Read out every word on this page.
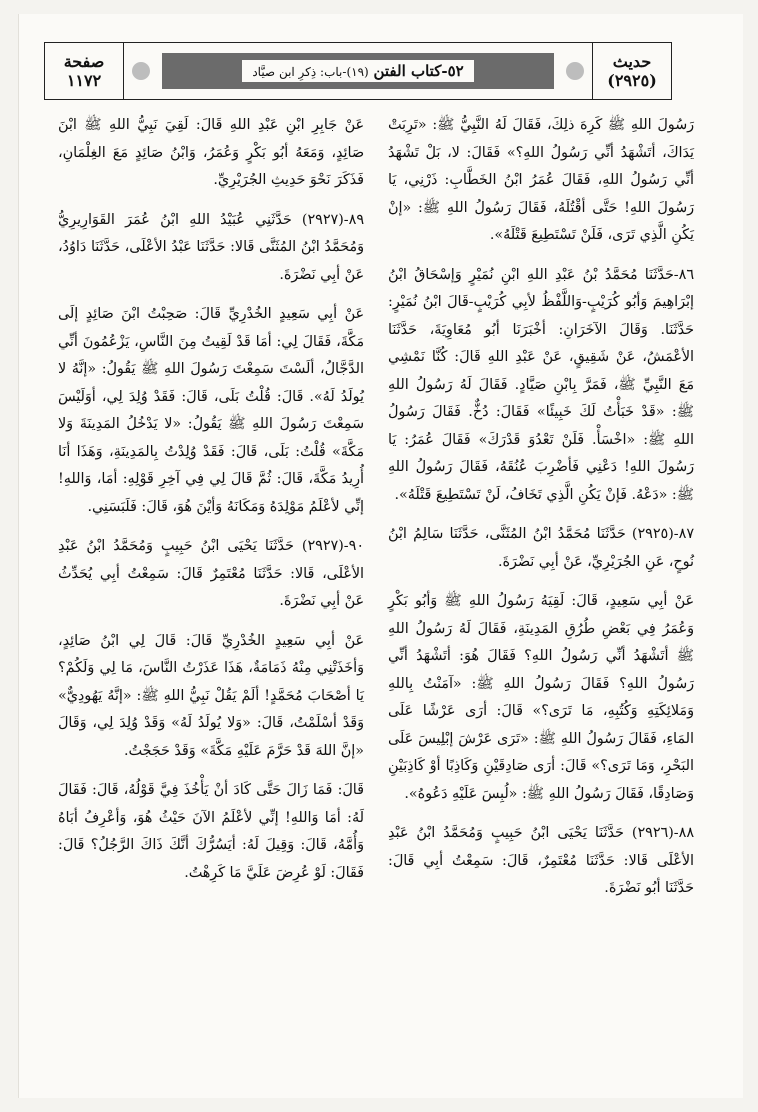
صفحة
١١٧٢	٥٢-كتاب الفتن (١٩)-باب: ذِكرِ ابن صيَّاد
حديث
(٢٩٢٥)

رَسُولَ اللهِ ﷺ كَرِهَ ذلِكَ، فَقَالَ لَهُ النَّبِيُّ ﷺ: «تَرِبَتْ يَدَاكَ، أتَشْهَدُ أنِّي رَسُولُ اللهِ؟» فَقَالَ: لا، بَلْ تَشْهَدُ أنِّي رَسُولُ اللهِ، فَقَالَ عُمَرُ ابْنُ الخَطَّابِ: ذَرْنِي، يَا رَسُولَ اللهِ! حَتَّى أقْتُلَهُ، فَقَالَ رَسُولُ اللهِ ﷺ: «إنْ يَكُنِ الَّذِي تَرَى، فَلَنْ تَسْتَطِيعَ قَتْلَهُ».

٨٦-حَدَّثَنَا مُحَمَّدُ بْنُ عَبْدِ اللهِ ابْنِ نُمَيْرٍ وَإسْحَاقُ ابْنُ إبْرَاهِيمَ وَأبُو كُرَيْبٍ-وَاللَّفْظُ لأبِي كُرَيْبٍ-قَالَ ابْنُ نُمَيْرٍ: حَدَّثَنَا. وَقَالَ الآخَرَانِ: أخْبَرَنَا أبُو مُعَاوِيَةَ، حَدَّثَنَا الأعْمَشُ، عَنْ شَقِيقٍ، عَنْ عَبْدِ اللهِ قَالَ: كُنَّا نَمْشِي مَعَ النَّبِيِّ ﷺ، فَمَرَّ بِابْنِ صَيَّادٍ. فَقَالَ لَهُ رَسُولُ اللهِ ﷺ: «قَدْ خَبَأْتُ لَكَ خَبِيئًا» فَقَالَ: دُخٌّ. فَقَالَ رَسُولُ اللهِ ﷺ: «اخْسَأْ. فَلَنْ تَعْدُوَ قَدْرَكَ» فَقَالَ عُمَرُ: يَا رَسُولَ اللهِ! دَعْنِي فَأضْرِبَ عُنُقَهُ، فَقَالَ رَسُولُ اللهِ ﷺ: «دَعْهُ. فَإنْ يَكُنِ الَّذِي تَخَافُ، لَنْ تَسْتَطِيعَ قَتْلَهُ».

٨٧-(٢٩٢٥) حَدَّثَنَا مُحَمَّدُ ابْنُ المُثَنَّى، حَدَّثَنَا سَالِمُ ابْنُ نُوحٍ، عَنِ الجُرَيْرِيِّ، عَنْ أبِي نَضْرَةَ.

عَنْ أبِي سَعِيدٍ، قَالَ: لَقِيَهُ رَسُولُ اللهِ ﷺ وَأبُو بَكْرٍ وَعُمَرُ فِي بَعْضِ طُرُقِ المَدِينَةِ، فَقَالَ لَهُ رَسُولُ اللهِ ﷺ أتَشْهَدُ أنِّي رَسُولُ اللهِ؟ فَقَالَ هُوَ: أتَشْهَدُ أنِّي رَسُولُ اللهِ؟ فَقَالَ رَسُولُ اللهِ ﷺ: «آمَنْتُ بِاللهِ وَمَلائِكَتِهِ وَكُتُبِهِ، مَا تَرَى؟» قَالَ: أرَى عَرْشًا عَلَى المَاءِ، فَقَالَ رَسُولُ اللهِ ﷺ: «تَرَى عَرْشَ إبْلِيسَ عَلَى البَحْرِ، وَمَا تَرَى؟» قَالَ: أرَى صَادِقَيْنِ وَكَاذِبًا أوْ كَاذِبَيْنِ وَصَادِقًا، فَقَالَ رَسُولُ اللهِ ﷺ: «لُبِسَ عَلَيْهِ دَعُوهُ».

٨٨-(٢٩٢٦) حَدَّثَنَا يَحْيَى ابْنُ حَبِيبٍ وَمُحَمَّدُ ابْنُ عَبْدِ الأعْلَى قَالا: حَدَّثَنَا مُعْتَمِرٌ، قَالَ: سَمِعْتُ أبِي قَالَ: حَدَّثَنَا أبُو نَضْرَةَ.

عَنْ جَابِرِ ابْنِ عَبْدِ اللهِ قَالَ: لَقِيَ نَبِيُّ اللهِ ﷺ ابْنَ صَائِدٍ، وَمَعَهُ أبُو بَكْرٍ وَعُمَرُ، وَابْنُ صَائِدٍ مَعَ الغِلْمَانِ، فَذَكَرَ نَحْوَ حَدِيثِ الجُرَيْرِيِّ.

٨٩-(٢٩٢٧) حَدَّثَنِي عُبَيْدُ اللهِ ابْنُ عُمَرَ القَوَارِيرِيُّ وَمُحَمَّدُ ابْنُ المُثَنَّى قَالا: حَدَّثَنَا عَبْدُ الأعْلَى، حَدَّثَنَا دَاوُدُ، عَنْ أبِي نَضْرَةَ.

عَنْ أبِي سَعِيدٍ الخُدْرِيِّ قَالَ: صَحِبْتُ ابْنَ صَائِدٍ إلَى مَكَّةَ، فَقَالَ لِي: أمَا قَدْ لَقِيتُ مِنَ النَّاسِ، يَزْعُمُونَ أنِّي الدَّجَّالُ، ألَسْتَ سَمِعْتَ رَسُولَ اللهِ ﷺ يَقُولُ: «إنَّهُ لا يُولَدُ لَهُ». قَالَ: قُلْتُ بَلَى، قَالَ: فَقَدْ وُلِدَ لِي، أوَلَيْسَ سَمِعْتَ رَسُولَ اللهِ ﷺ يَقُولُ: «لا يَدْخُلُ المَدِينَةَ وَلا مَكَّةَ» قُلْتُ: بَلَى، قَالَ: فَقَدْ وُلِدْتُ بِالمَدِينَةِ، وَهَذَا أنَا أُرِيدُ مَكَّةَ، قَالَ: ثُمَّ قَالَ لِي فِي آخِرِ قَوْلِهِ: أمَا، وَاللهِ! إنِّي لأعْلَمُ مَوْلِدَهُ وَمَكَانَهُ وَأيْنَ هُوَ، قَالَ: فَلَبَسَنِي.

٩٠-(٢٩٢٧) حَدَّثَنَا يَحْيَى ابْنُ حَبِيبٍ وَمُحَمَّدُ ابْنُ عَبْدِ الأعْلَى، قَالا: حَدَّثَنَا مُعْتَمِرٌ قَالَ: سَمِعْتُ أبِي يُحَدِّثُ عَنْ أبِي نَضْرَةَ.

عَنْ أبِي سَعِيدٍ الخُدْرِيِّ قَالَ: قَالَ لِي ابْنُ صَائِدٍ، وَأخَذَتْنِي مِنْهُ ذَمَامَةٌ، هَذَا عَذَرْتُ النَّاسَ، مَا لِي وَلَكُمْ؟ يَا أصْحَابَ مُحَمَّدٍ! ألَمْ يَقُلْ نَبِيُّ اللهِ ﷺ: «إنَّهُ يَهُودِيٌّ» وَقَدْ أسْلَمْتُ، قَالَ: «وَلا يُولَدُ لَهُ» وَقَدْ وُلِدَ لِي، وَقَالَ «إنَّ اللهَ قَدْ حَرَّمَ عَلَيْهِ مَكَّةَ» وَقَدْ حَجَجْتُ.

قَالَ: فَمَا زَالَ حَتَّى كَادَ أنْ يَأْخُذَ فِيَّ قَوْلُهُ، قَالَ: فَقَالَ لَهُ: أمَا وَاللهِ! إنِّي لأعْلَمُ الآنَ حَيْثُ هُوَ، وَأعْرِفُ أبَاهُ وَأُمَّهُ، قَالَ: وَقِيلَ لَهُ: أيَسُرُّكَ أنَّكَ ذَاكَ الرَّجُلُ؟ قَالَ: فَقَالَ: لَوْ عُرِضَ عَلَيَّ مَا كَرِهْتُ.
